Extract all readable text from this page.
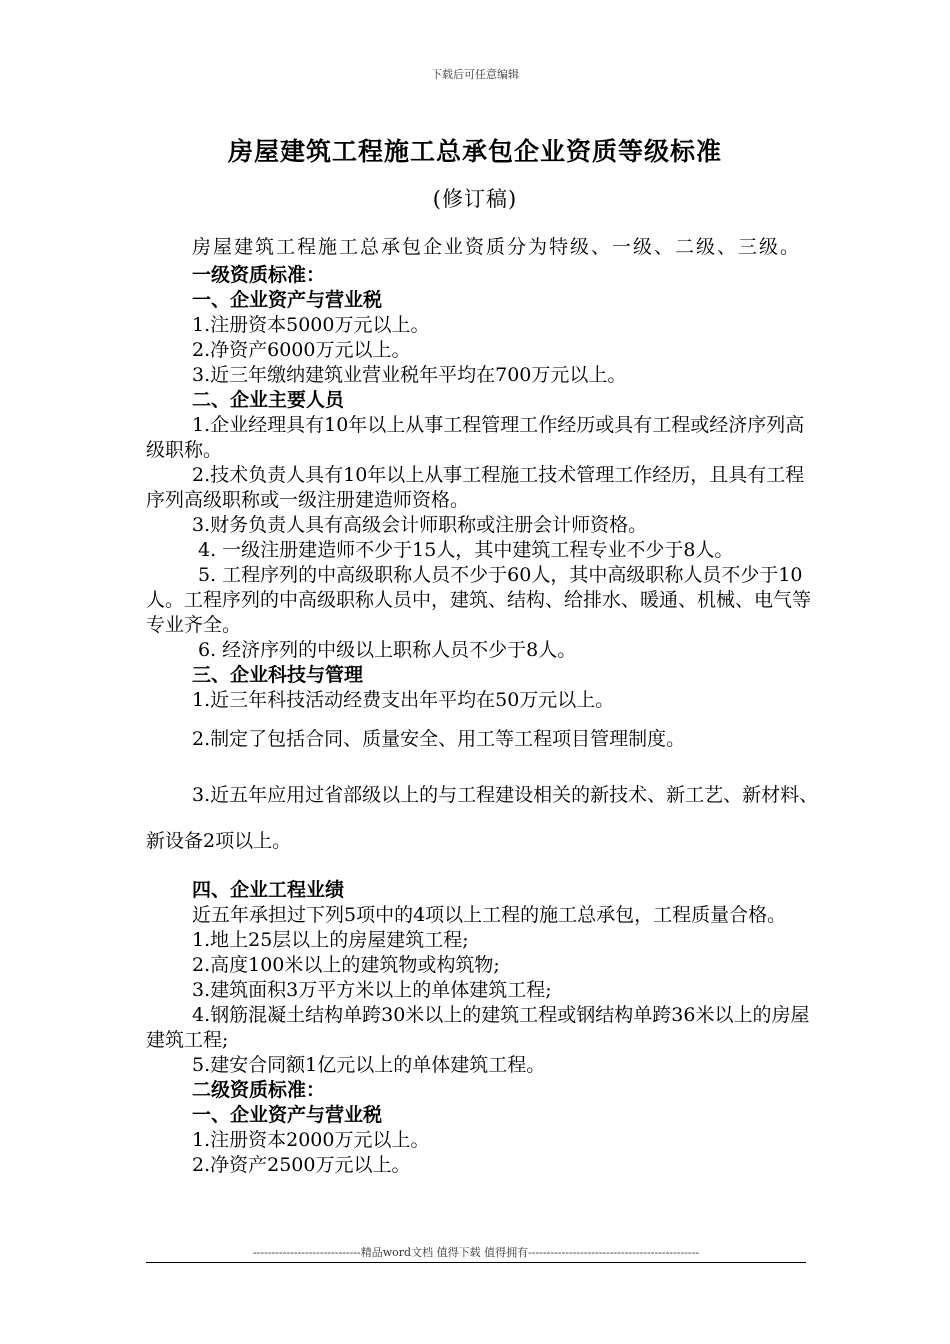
下载后可任意编辑
房屋建筑工程施工总承包企业资质等级标准
(修订稿)

房屋建筑工程施工总承包企业资质分为特级、一级、二级、三级。

一级资质标准：

一、企业资产与营业税

1.注册资本5000万元以上。

2.净资产6000万元以上。

3.近三年缴纳建筑业营业税年平均在700万元以上。

二、企业主要人员

1.企业经理具有10年以上从事工程管理工作经历或具有工程或经济序列高级职称。

2.技术负责人具有10年以上从事工程施工技术管理工作经历，且具有工程序列高级职称或一级注册建造师资格。

3.财务负责人具有高级会计师职称或注册会计师资格。

4. 一级注册建造师不少于15人，其中建筑工程专业不少于8人。

5. 工程序列的中高级职称人员不少于60人，其中高级职称人员不少于10人。工程序列的中高级职称人员中，建筑、结构、给排水、暖通、机械、电气等专业齐全。

6. 经济序列的中级以上职称人员不少于8人。

三、企业科技与管理

1.近三年科技活动经费支出年平均在50万元以上。

2.制定了包括合同、质量安全、用工等工程项目管理制度。

3.近五年应用过省部级以上的与工程建设相关的新技术、新工艺、新材料、新设备2项以上。

四、企业工程业绩

近五年承担过下列5项中的4项以上工程的施工总承包，工程质量合格。

1.地上25层以上的房屋建筑工程;

2.高度100米以上的建筑物或构筑物;

3.建筑面积3万平方米以上的单体建筑工程;

4.钢筋混凝土结构单跨30米以上的建筑工程或钢结构单跨36米以上的房屋建筑工程;

5.建安合同额1亿元以上的单体建筑工程。

二级资质标准：

一、企业资产与营业税

1.注册资本2000万元以上。

2.净资产2500万元以上。

-----------------------------精品word文档 值得下载 值得拥有----------------------------------------------
